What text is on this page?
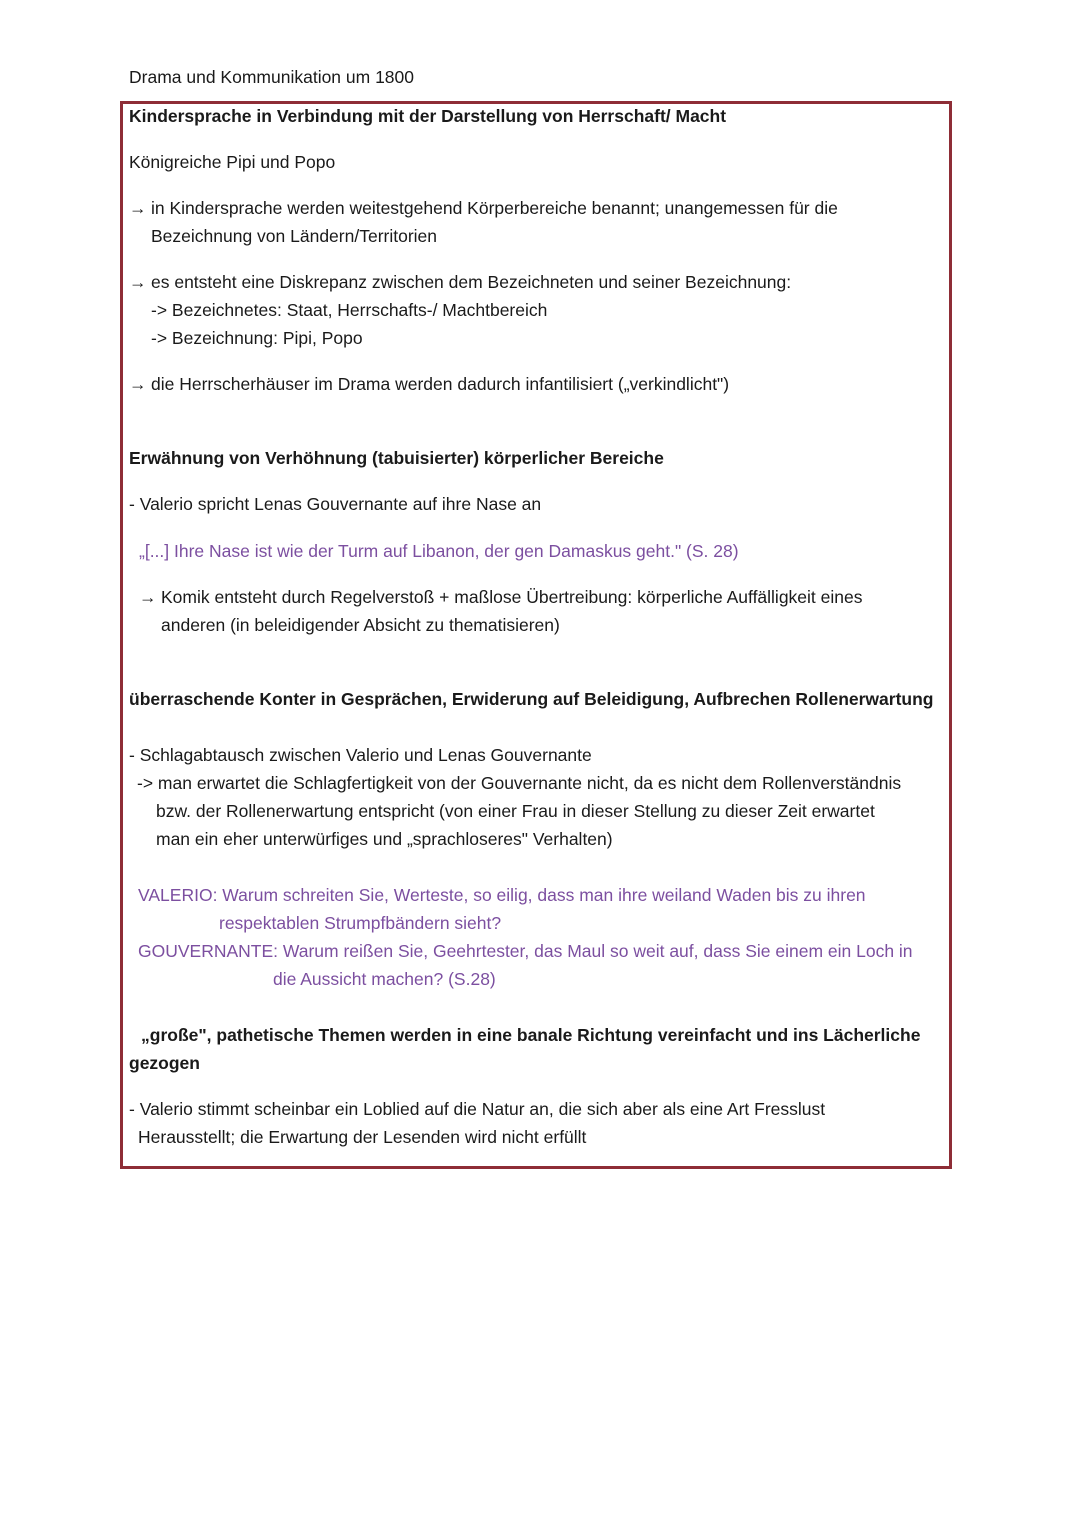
Drama und Kommunikation um 1800
Kindersprache in Verbindung mit der Darstellung von Herrschaft/ Macht
Königreiche Pipi und Popo
→ in Kindersprache werden weitestgehend Körperbereiche benannt; unangemessen für die
Bezeichnung von Ländern/Territorien
→ es entsteht eine Diskrepanz zwischen dem Bezeichneten und seiner Bezeichnung:
-> Bezeichnetes: Staat, Herrschafts-/ Machtbereich
-> Bezeichnung: Pipi, Popo
→ die Herrscherhäuser im Drama werden dadurch infantilisiert („verkindlicht")
Erwähnung von Verhöhnung (tabuisierter) körperlicher Bereiche
- Valerio spricht Lenas Gouvernante auf ihre Nase an
„[...] Ihre Nase ist wie der Turm auf Libanon, der gen Damaskus geht." (S. 28)
→ Komik entsteht durch Regelverstoß + maßlose Übertreibung: körperliche Auffälligkeit eines
anderen (in beleidigender Absicht zu thematisieren)
überraschende Konter in Gesprächen, Erwiderung auf Beleidigung, Aufbrechen Rollenerwartung
- Schlagabtausch zwischen Valerio und Lenas Gouvernante
-> man erwartet die Schlagfertigkeit von der Gouvernante nicht, da es nicht dem Rollenverständnis
bzw. der Rollenerwartung entspricht (von einer Frau in dieser Stellung zu dieser Zeit erwartet
man ein eher unterwürfiges und „sprachloseres" Verhalten)
VALERIO: Warum schreiten Sie, Werteste, so eilig, dass man ihre weiland Waden bis zu ihren
respektablen Strumpfbändern sieht?
GOUVERNANTE: Warum reißen Sie, Geehrtester, das Maul so weit auf, dass Sie einem ein Loch in
die Aussicht machen? (S.28)
„große", pathetische Themen werden in eine banale Richtung vereinfacht und ins Lächerliche
gezogen
- Valerio stimmt scheinbar ein Loblied auf die Natur an, die sich aber als eine Art Fresslust
Herausstellt; die Erwartung der Lesenden wird nicht erfüllt
